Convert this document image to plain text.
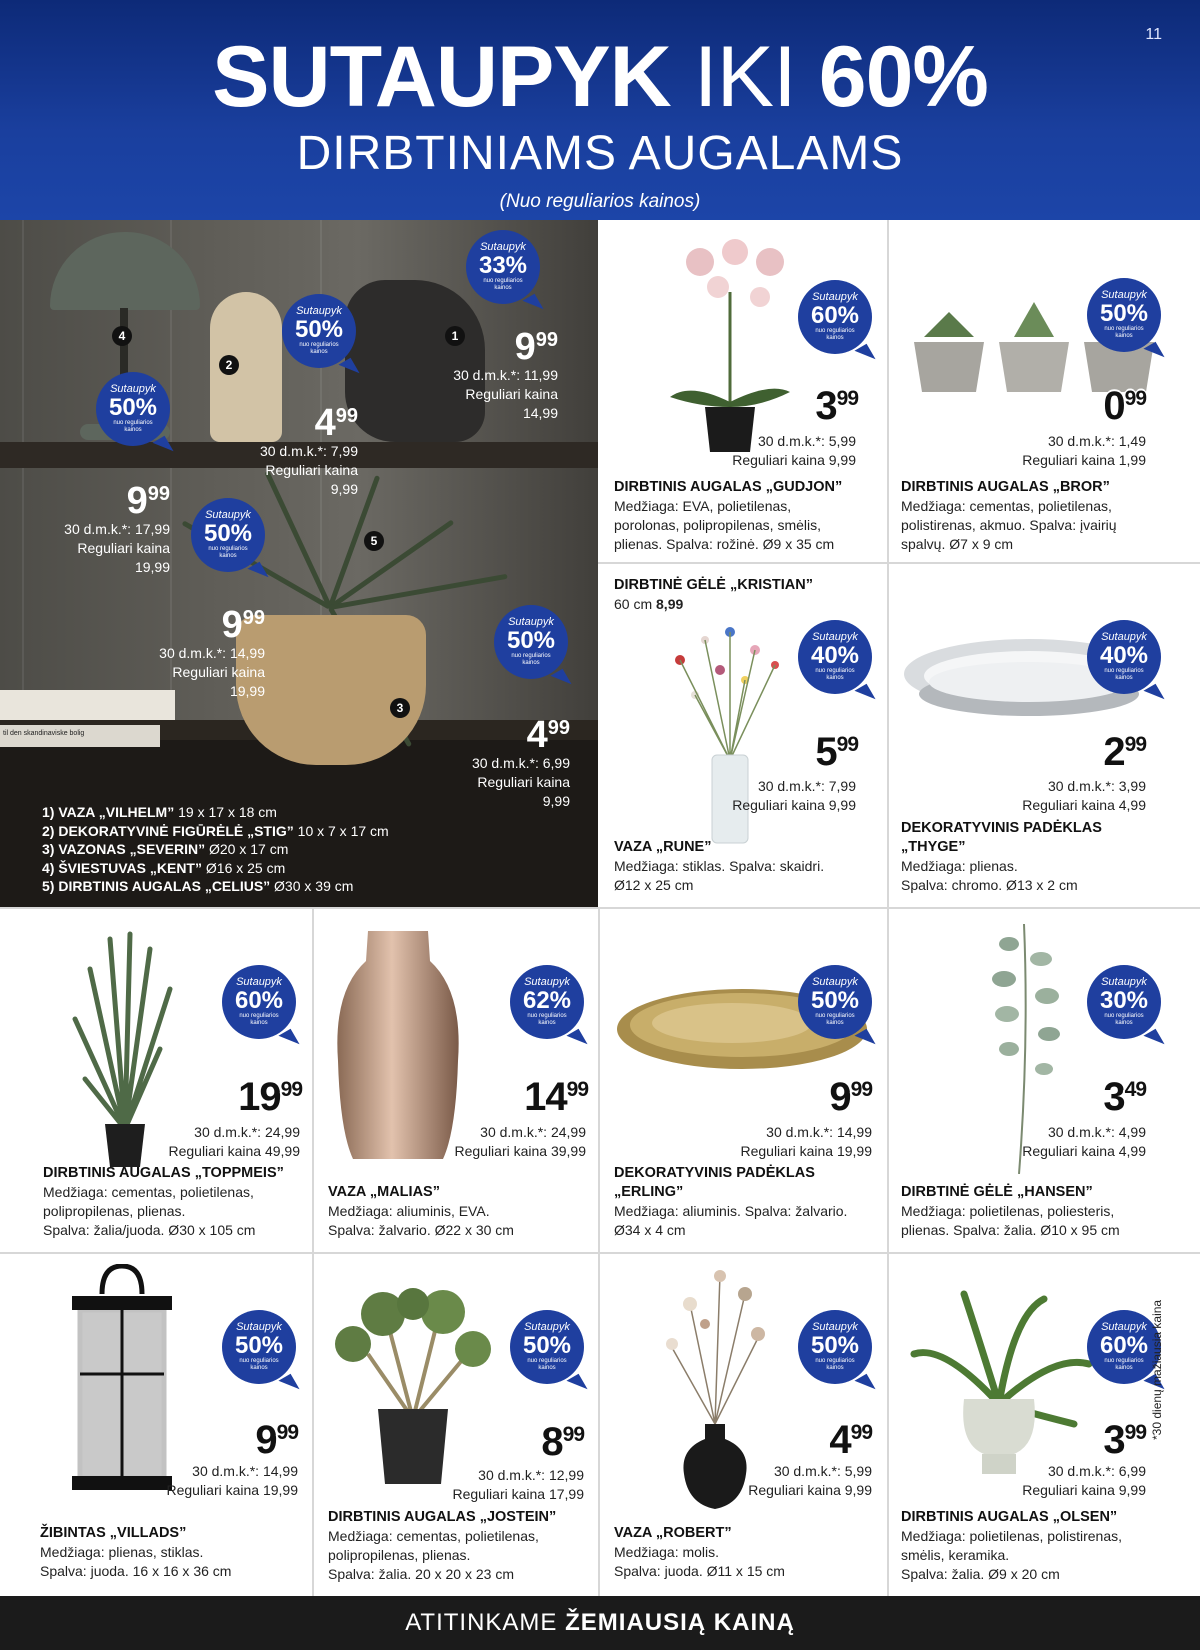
11
SUTAUPYK IKI 60%
DIRBTINIAMS AUGALAMS
(Nuo reguliarios kainos)
til den skandinaviske bolig
1
2
3
4
5
Sutaupyk
33%
nuo reguliarios kainos
$9^{99}$
30 d.m.k.*: 11,99
Reguliari kaina
14,99
Sutaupyk
50%
nuo reguliarios kainos
$4^{99}$
30 d.m.k.*: 7,99
Reguliari kaina
9,99
Sutaupyk
50%
nuo reguliarios kainos
$9^{99}$
30 d.m.k.*: 17,99
Reguliari kaina
19,99
Sutaupyk
50%
nuo reguliarios kainos
$9^{99}$
30 d.m.k.*: 14,99
Reguliari kaina
19,99
Sutaupyk
50%
nuo reguliarios kainos
$4^{99}$
30 d.m.k.*: 6,99
Reguliari kaina
9,99
1) VAZA „VILHELM” 19 x 17 x 18 cm
2) DEKORATYVINĖ FIGŪRĖLĖ „STIG” 10 x 7 x 17 cm
3) VAZONAS „SEVERIN” Ø20 x 17 cm
4) ŠVIESTUVAS „KENT” Ø16 x 25 cm
5) DIRBTINIS AUGALAS „CELIUS” Ø30 x 39 cm
Sutaupyk
60%
nuo reguliarios kainos
$3^{99}$
30 d.m.k.*: 5,99
Reguliari kaina 9,99
DIRBTINIS AUGALAS „GUDJON”
Medžiaga: EVA, polietilenas,
porolonas, polipropilenas, smėlis,
plienas. Spalva: rožinė. Ø9 x 35 cm
Sutaupyk
50%
nuo reguliarios kainos
$0^{99}$
30 d.m.k.*: 1,49
Reguliari kaina 1,99
DIRBTINIS AUGALAS „BROR”
Medžiaga: cementas, polietilenas,
polistirenas, akmuo. Spalva: įvairių
spalvų. Ø7 x 9 cm
DIRBTINĖ GĖLĖ „KRISTIAN”
60 cm 8,99
Sutaupyk
40%
nuo reguliarios kainos
$5^{99}$
30 d.m.k.*: 7,99
Reguliari kaina 9,99
VAZA „RUNE”
Medžiaga: stiklas. Spalva: skaidri.
Ø12 x 25 cm
Sutaupyk
40%
nuo reguliarios kainos
$2^{99}$
30 d.m.k.*: 3,99
Reguliari kaina 4,99
DEKORATYVINIS PADĖKLAS
„THYGE”
Medžiaga: plienas.
Spalva: chromo. Ø13 x 2 cm
Sutaupyk
60%
nuo reguliarios kainos
$19^{99}$
30 d.m.k.*: 24,99
Reguliari kaina 49,99
DIRBTINIS AUGALAS „TOPPMEIS”
Medžiaga: cementas, polietilenas,
polipropilenas, plienas.
Spalva: žalia/juoda. Ø30 x 105 cm
Sutaupyk
62%
nuo reguliarios kainos
$14^{99}$
30 d.m.k.*: 24,99
Reguliari kaina 39,99
VAZA „MALIAS”
Medžiaga: aliuminis, EVA.
Spalva: žalvario. Ø22 x 30 cm
Sutaupyk
50%
nuo reguliarios kainos
$9^{99}$
30 d.m.k.*: 14,99
Reguliari kaina 19,99
DEKORATYVINIS PADĖKLAS
„ERLING”
Medžiaga: aliuminis. Spalva: žalvario.
Ø34 x 4 cm
Sutaupyk
30%
nuo reguliarios kainos
$3^{49}$
30 d.m.k.*: 4,99
Reguliari kaina 4,99
DIRBTINĖ GĖLĖ „HANSEN”
Medžiaga: polietilenas, poliesteris,
plienas. Spalva: žalia. Ø10 x 95 cm
Sutaupyk
50%
nuo reguliarios kainos
$9^{99}$
30 d.m.k.*: 14,99
Reguliari kaina 19,99
ŽIBINTAS „VILLADS”
Medžiaga: plienas, stiklas.
Spalva: juoda. 16 x 16 x 36 cm
Sutaupyk
50%
nuo reguliarios kainos
$8^{99}$
30 d.m.k.*: 12,99
Reguliari kaina 17,99
DIRBTINIS AUGALAS „JOSTEIN”
Medžiaga: cementas, polietilenas,
polipropilenas, plienas.
Spalva: žalia. 20 x 20 x 23 cm
Sutaupyk
50%
nuo reguliarios kainos
$4^{99}$
30 d.m.k.*: 5,99
Reguliari kaina 9,99
VAZA „ROBERT”
Medžiaga: molis.
Spalva: juoda. Ø11 x 15 cm
Sutaupyk
60%
nuo reguliarios kainos
$3^{99}$
30 d.m.k.*: 6,99
Reguliari kaina 9,99
DIRBTINIS AUGALAS „OLSEN”
Medžiaga: polietilenas, polistirenas,
smėlis, keramika.
Spalva: žalia. Ø9 x 20 cm
*30 dienų mažiausia kaina
ATITINKAME ŽEMIAUSIĄ KAINĄ
